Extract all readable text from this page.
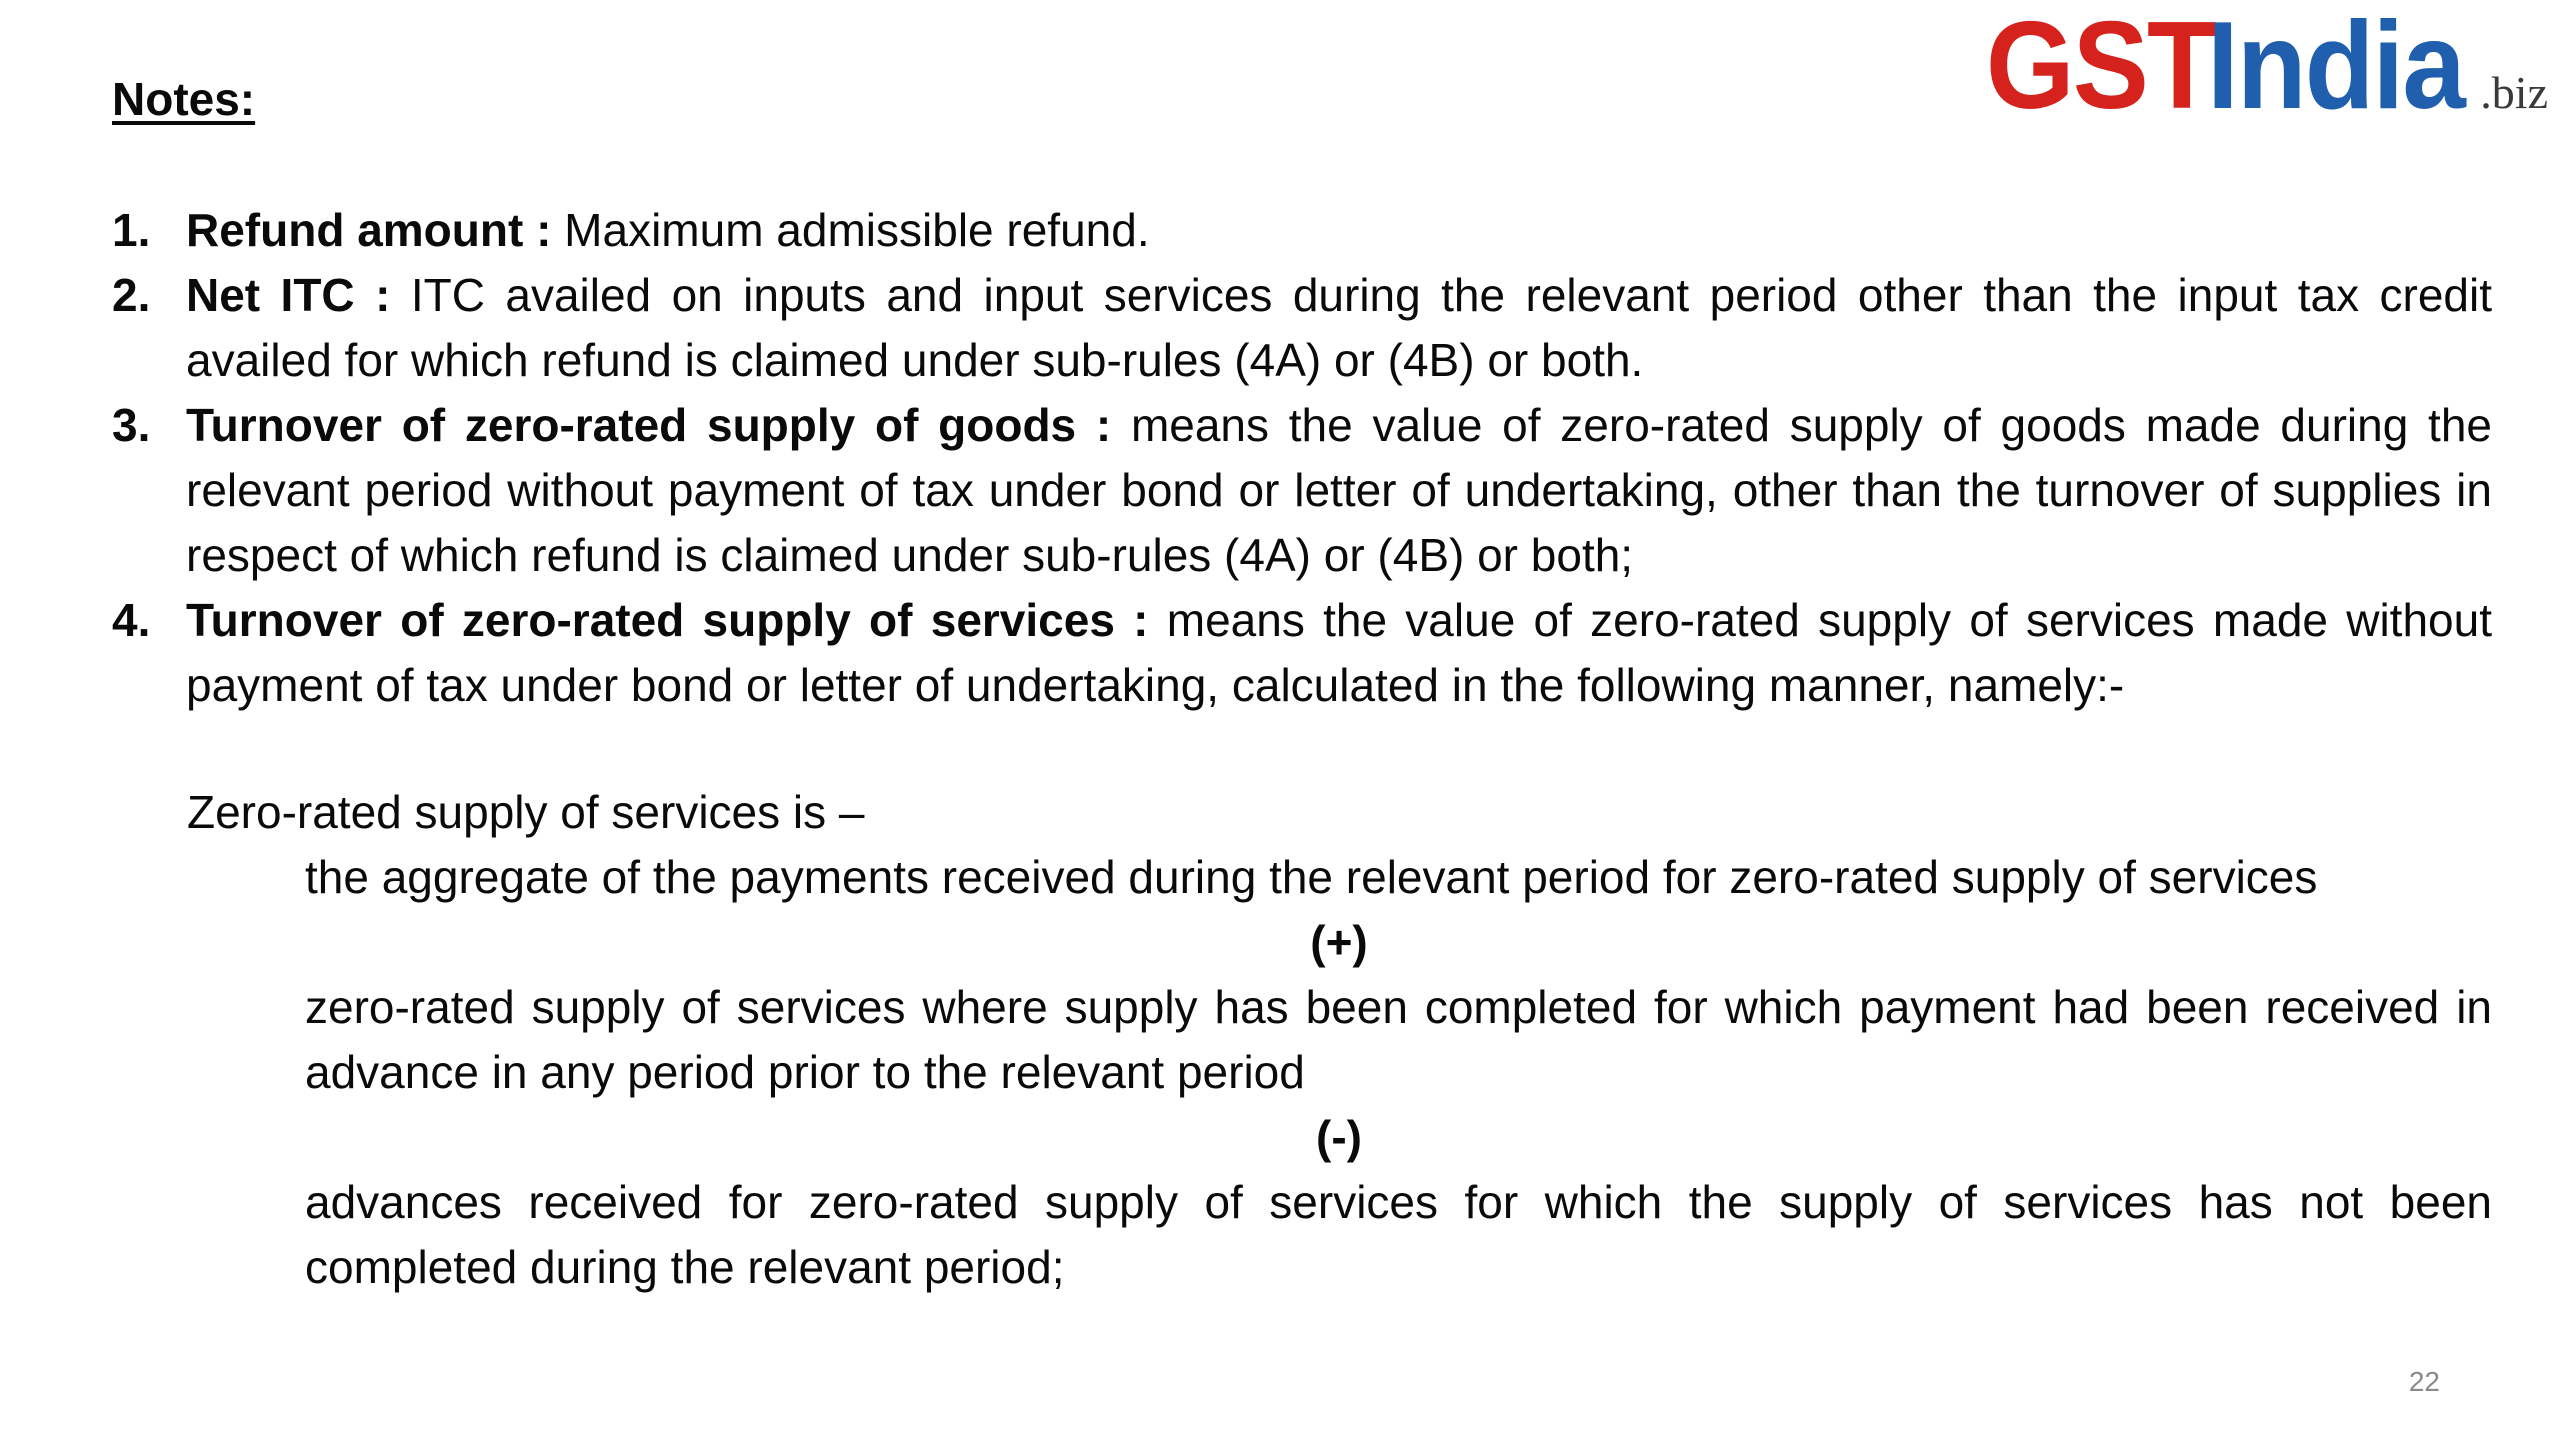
GSTIndia .biz
Notes:
1. Refund amount : Maximum admissible refund.
2. Net ITC : ITC availed on inputs and input services during the relevant period other than the input tax credit availed for which refund is claimed under sub-rules (4A) or (4B) or both.
3. Turnover of zero-rated supply of goods : means the value of zero-rated supply of goods made during the relevant period without payment of tax under bond or letter of undertaking, other than the turnover of supplies in respect of which refund is claimed under sub-rules (4A) or (4B) or both;
4. Turnover of zero-rated supply of services : means the value of zero-rated supply of services made without payment of tax under bond or letter of undertaking, calculated in the following manner, namely:-

Zero-rated supply of services is –

the aggregate of the payments received during the relevant period for zero-rated supply of services

(+)

zero-rated supply of services where supply has been completed for which payment had been received in advance in any period prior to the relevant period

(-)

advances received for zero-rated supply of services for which the supply of services has not been completed during the relevant period;

22
